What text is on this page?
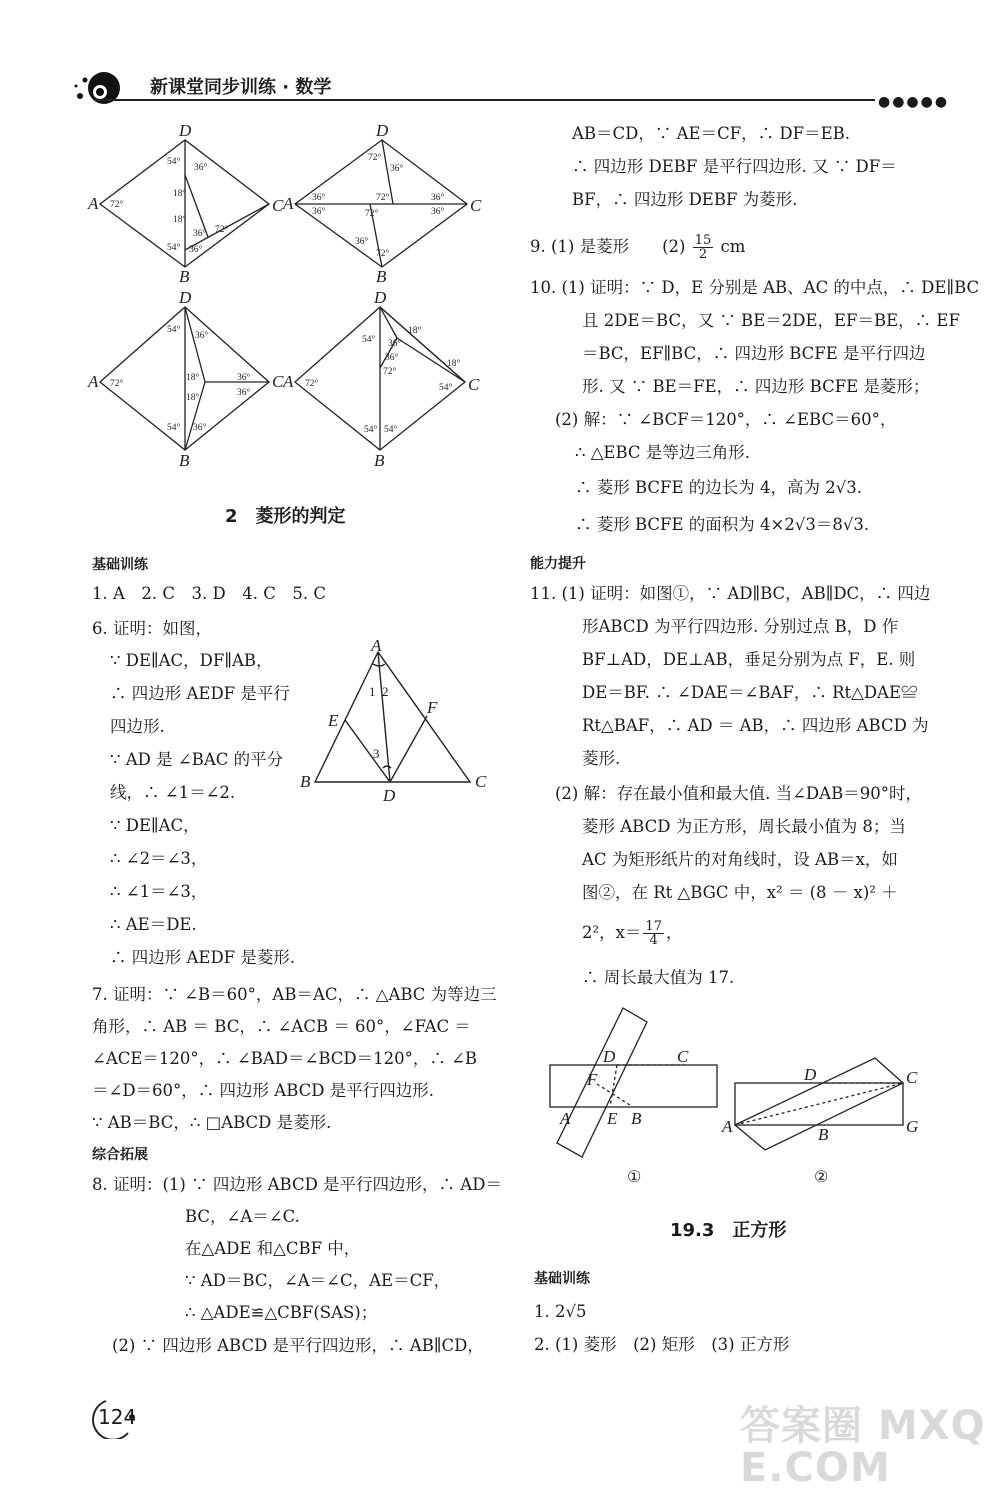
新课堂同步训练 · 数学
●●●●●
D
A	C
B
54°
36°
72°
18°
18°
36° 72°
54° 36°
D
A	C
B
72°
36°
36°
36°
72°	36°
36°
72°
36°
72°
D
A	C
B
54°
36°
72°
18°
18°
36°
36°
54° 36°
D
A	C
B
18°
54° 36°
36°
72°
18°
72°
54°
54° 54°
2　菱形的判定
基础训练
1. A　2. C　3. D　4. C　5. C
6. 证明：如图，
∵ DE∥AC，DF∥AB，
∴ 四边形 AEDF 是平行
四边形.
∵ AD 是 ∠BAC 的平分
线，∴ ∠1＝∠2.
∵ DE∥AC，
∴ ∠2＝∠3，
∴ ∠1＝∠3，
∴ AE＝DE.
∴ 四边形 AEDF 是菱形.
A
B	C
D
E
F
1 2
3
7. 证明：∵ ∠B＝60°，AB＝AC，∴ △ABC 为等边三
角形，∴ AB ＝ BC，∴ ∠ACB ＝ 60°，∠FAC ＝
∠ACE＝120°，∴ ∠BAD＝∠BCD＝120°，∴ ∠B
＝∠D＝60°，∴ 四边形 ABCD 是平行四边形.
∵ AB＝BC，∴ □ABCD 是菱形.
综合拓展
8. 证明：(1) ∵ 四边形 ABCD 是平行四边形，∴ AD＝
BC，∠A＝∠C.
在△ADE 和△CBF 中，
∵ AD＝BC，∠A＝∠C，AE＝CF，
∴ △ADE≌△CBF(SAS)；
(2) ∵ 四边形 ABCD 是平行四边形，∴ AB∥CD，
124
AB＝CD，∵ AE＝CF，∴ DF＝EB.
∴ 四边形 DEBF 是平行四边形. 又 ∵ DF＝
BF，∴ 四边形 DEBF 为菱形.
9. (1) 是菱形　　$(2) \frac{15}{2}$ cm
10. (1) 证明：∵ D，E 分别是 AB、AC 的中点，∴ DE∥BC
且 2DE＝BC，又 ∵ BE＝2DE，EF＝BE，∴ EF
＝BC，EF∥BC，∴ 四边形 BCFE 是平行四边
形. 又 ∵ BE＝FE，∴ 四边形 BCFE 是菱形；
(2) 解：∵ ∠BCF＝120°，∴ ∠EBC＝60°，
∴ △EBC 是等边三角形.
∴ 菱形 BCFE 的边长为 4，高为 2√3.
∴ 菱形 BCFE 的面积为 4×2√3＝8√3.
能力提升
11. (1) 证明：如图①，∵ AD∥BC，AB∥DC，∴ 四边
形ABCD 为平行四边形. 分别过点 B，D 作
BF⊥AD，DE⊥AB，垂足分别为点 F，E. 则
DE＝BF. ∴ ∠DAE＝∠BAF，∴ Rt△DAE≌
Rt△BAF，∴ AD ＝ AB，∴ 四边形 ABCD 为
菱形.
(2) 解：存在最小值和最大值. 当∠DAB＝90°时，
菱形 ABCD 为正方形，周长最小值为 8；当
AC 为矩形纸片的对角线时，设 AB＝x，如
图②，在 Rt △BGC 中，x² ＝ (8 － x)² ＋
2²，$x= \frac{17}{4}$ ，
∴ 周长最大值为 17.
D	C
F
E B
A
①
D	C
A	B	G
②
19.3　正方形
基础训练
1. 2√5
2. (1) 菱形　(2) 矩形　(3) 正方形
答案圈 MXQE.COM
